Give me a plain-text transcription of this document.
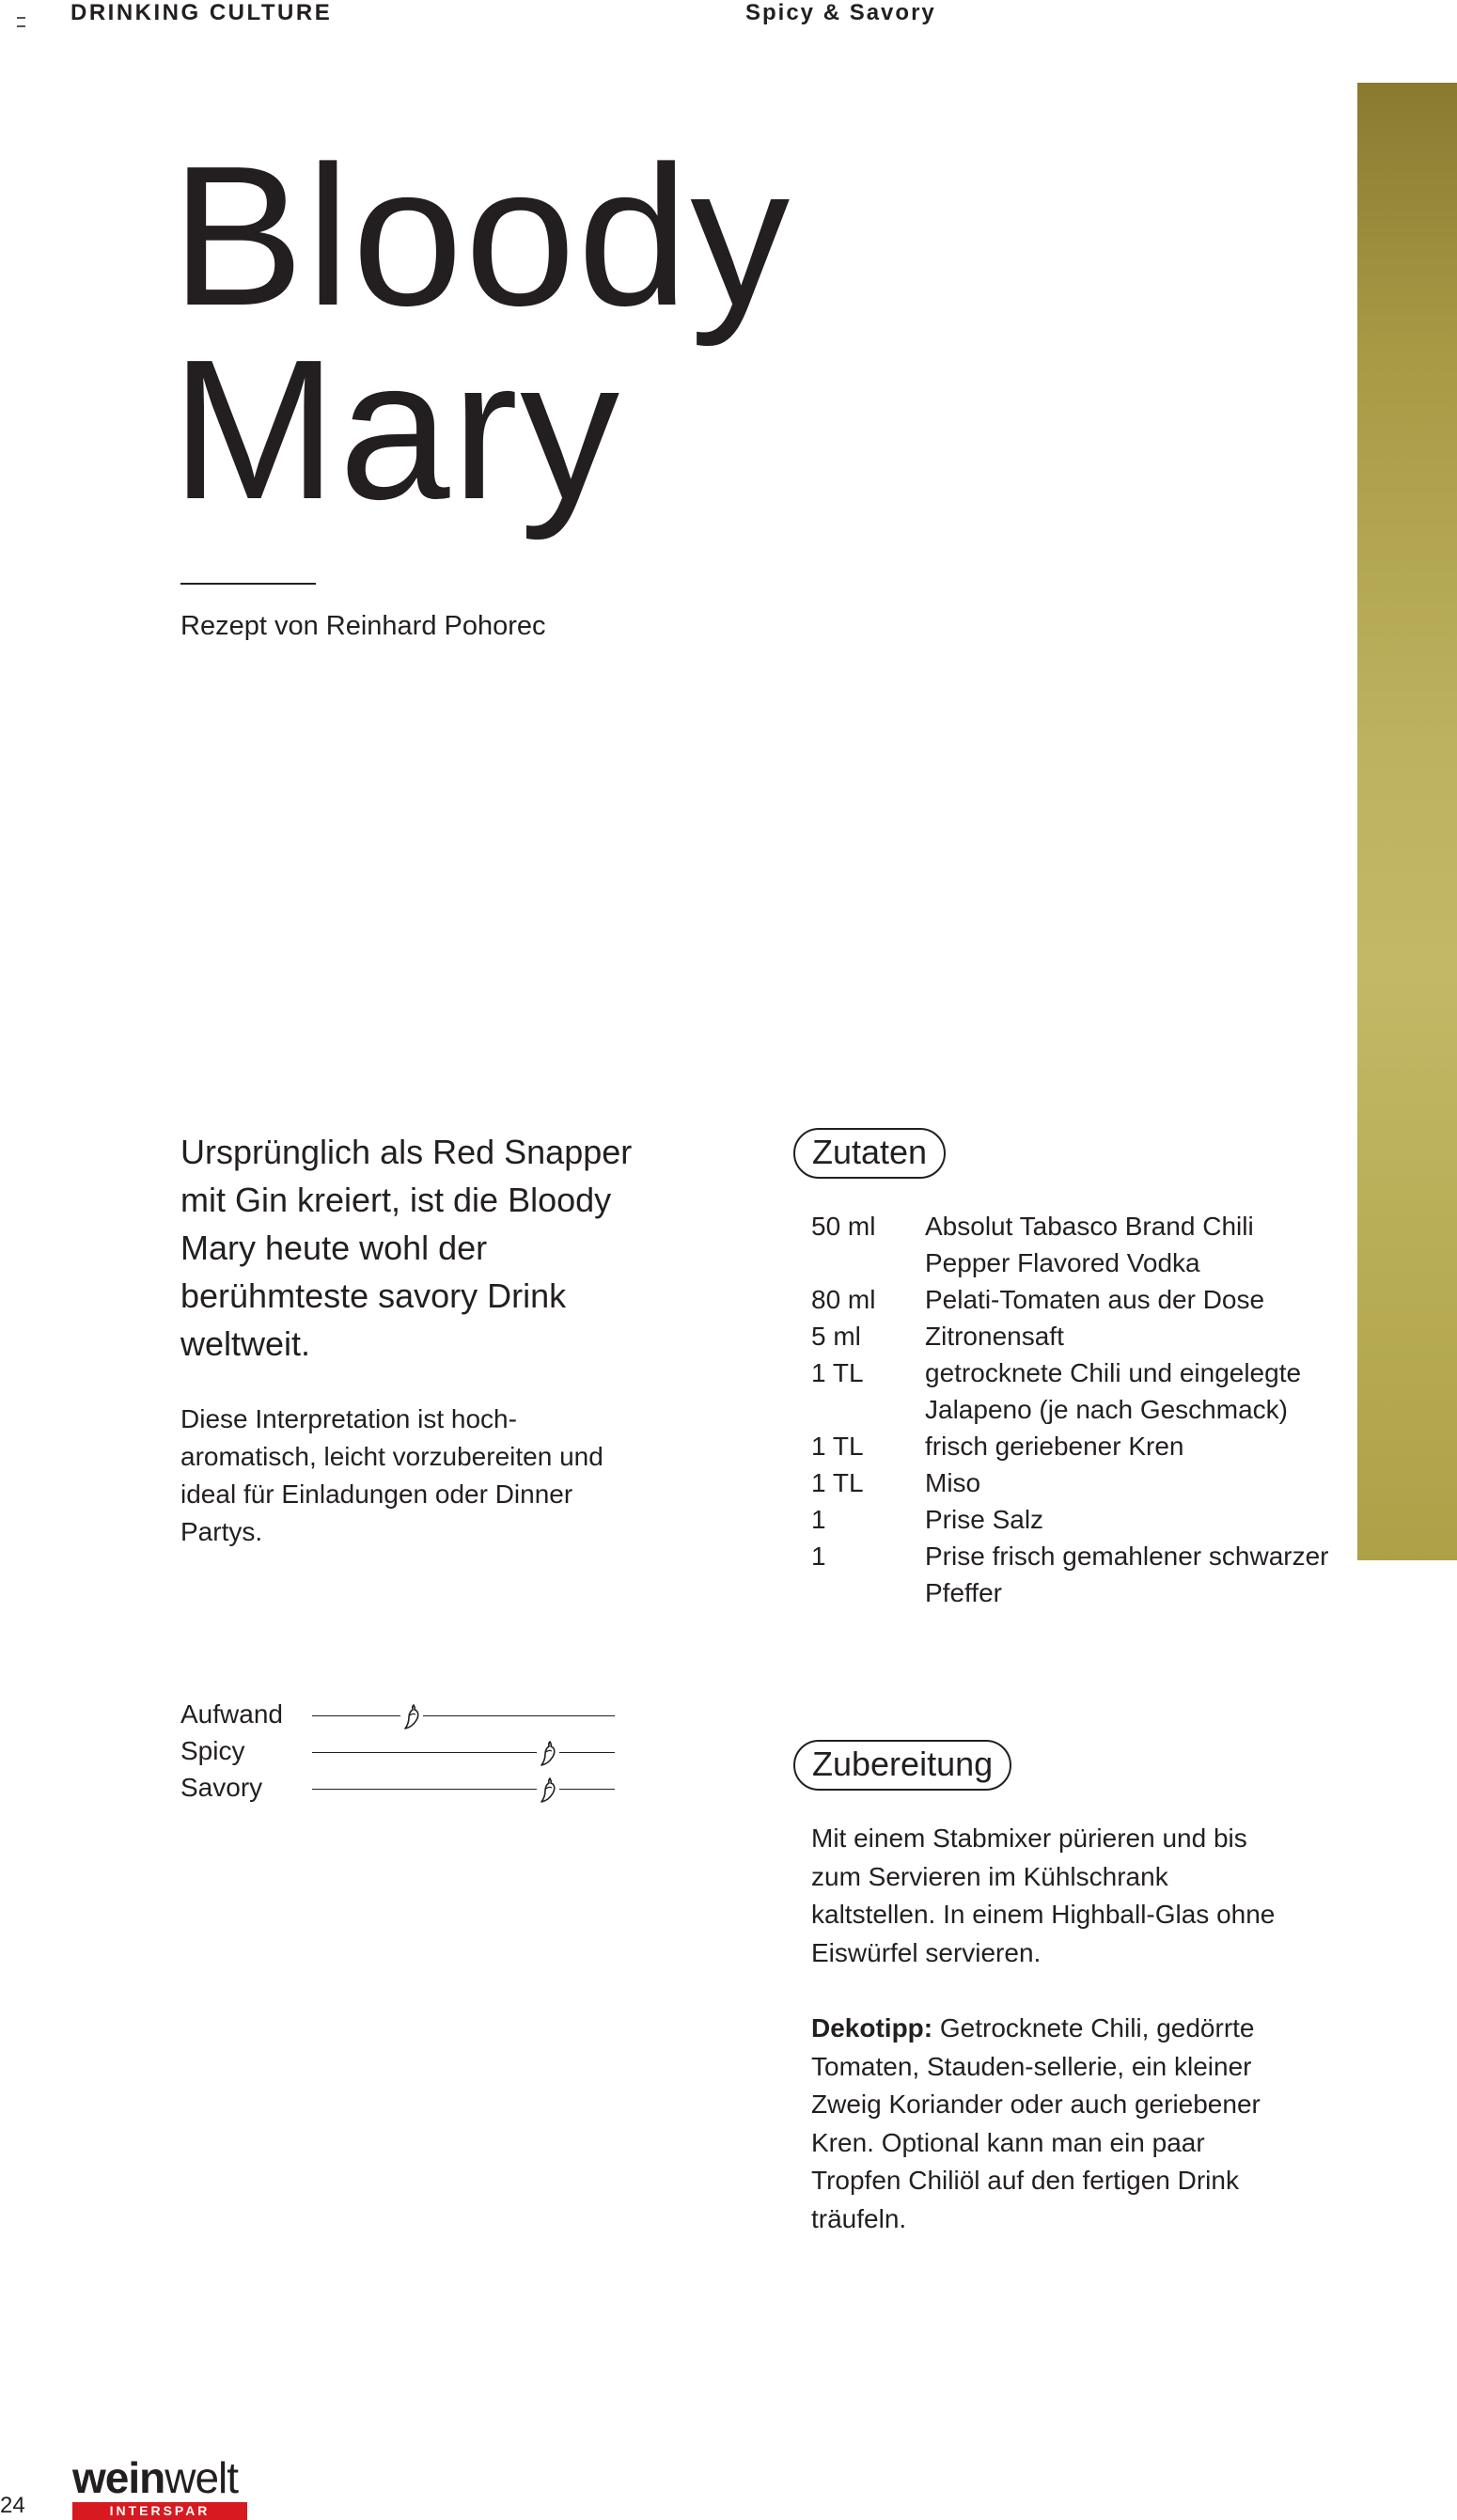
DRINKING CULTURE	Spicy & Savory
Bloody
Mary
Rezept von Reinhard Pohorec
Ursprünglich als Red Snapper mit Gin kreiert, ist die Bloody Mary heute wohl der berühmteste savory Drink weltweit.
Diese Interpretation ist hoch-aromatisch, leicht vorzubereiten und ideal für Einladungen oder Dinner Partys.
Zutaten
50 ml	Absolut Tabasco Brand Chili Pepper Flavored Vodka
80 ml	Pelati-Tomaten aus der Dose
5 ml	Zitronensaft
1 TL	getrocknete Chili und eingelegte Jalapeno (je nach Geschmack)
1 TL	frisch geriebener Kren
1 TL	Miso
1	Prise Salz
1	Prise frisch gemahlener schwarzer Pfeffer
Aufwand
Spicy
Savory
Zubereitung

Mit einem Stabmixer pürieren und bis zum Servieren im Kühlschrank kaltstellen. In einem Highball-Glas ohne Eiswürfel servieren.

Dekotipp: Getrocknete Chili, gedörrte Tomaten, Stauden-sellerie, ein kleiner Zweig Koriander oder auch geriebener Kren. Optional kann man ein paar Tropfen Chiliöl auf den fertigen Drink träufeln.

24
weinwelt
INTERSPAR
